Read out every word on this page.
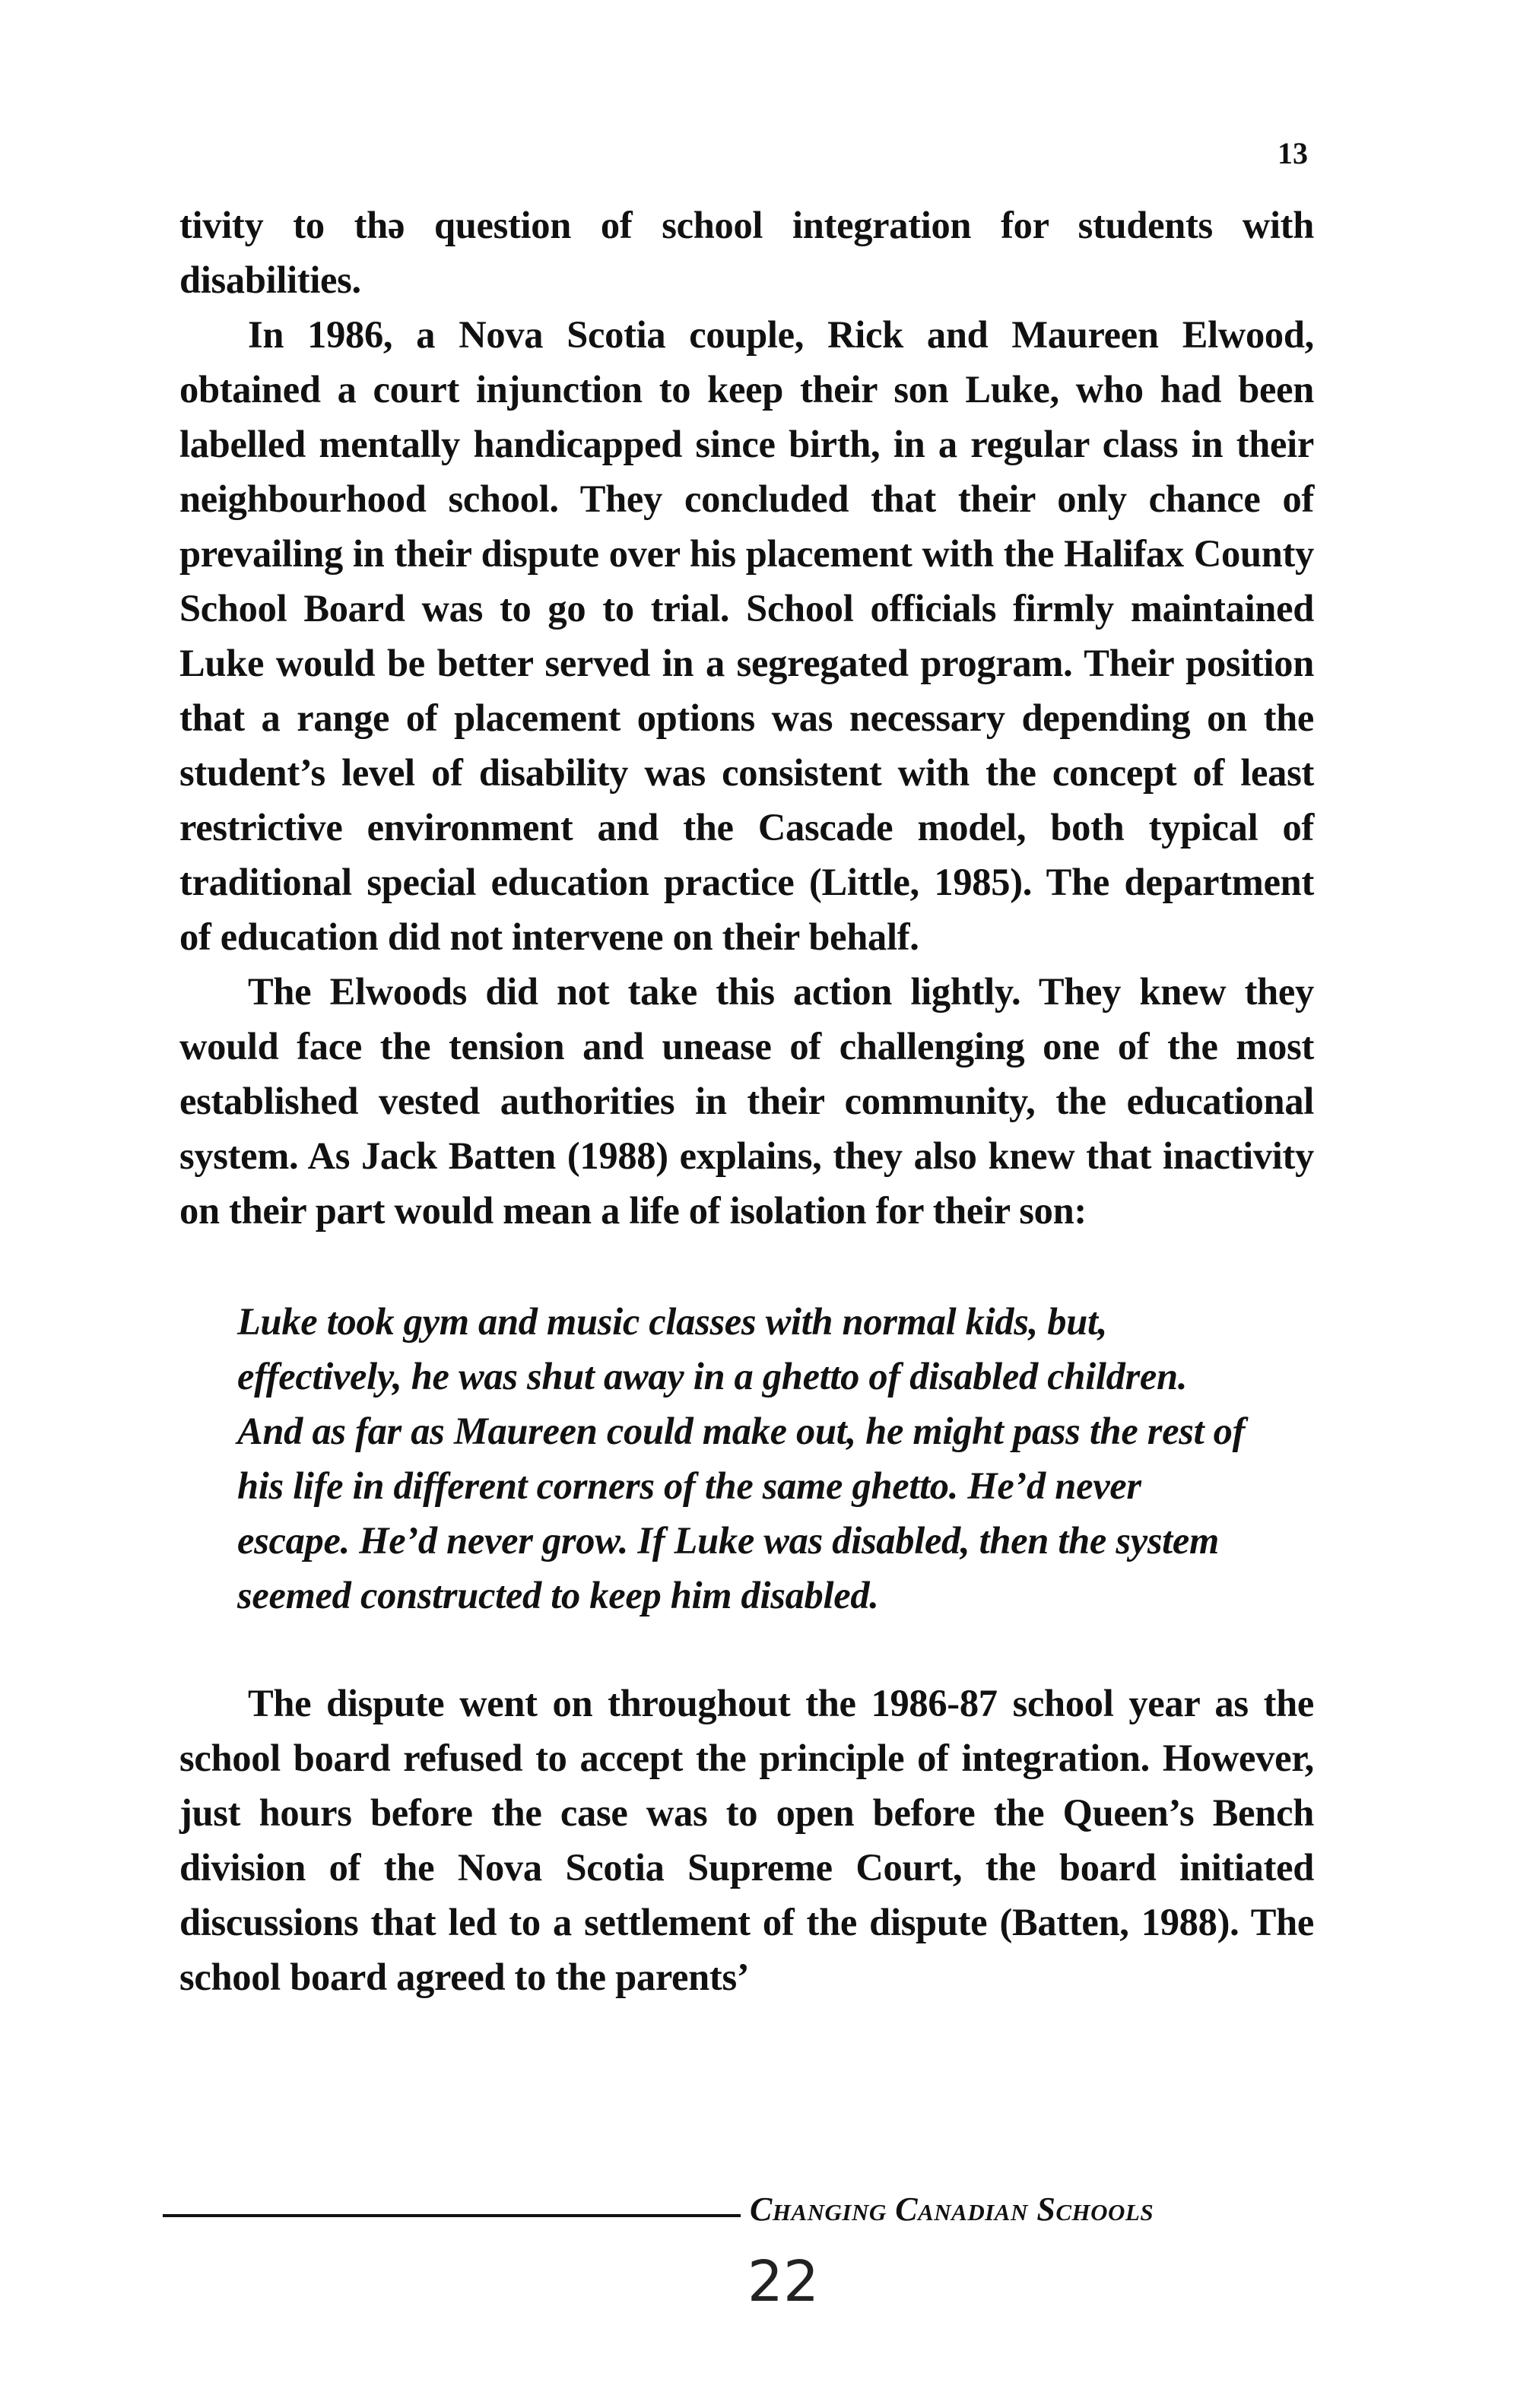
13

tivity to thə question of school integration for students with disabilities.

In 1986, a Nova Scotia couple, Rick and Maureen Elwood, obtained a court injunction to keep their son Luke, who had been labelled mentally handicapped since birth, in a regular class in their neighbourhood school. They concluded that their only chance of prevailing in their dispute over his placement with the Halifax County School Board was to go to trial. School officials firmly maintained Luke would be better served in a segregated program. Their position that a range of placement options was necessary depending on the student’s level of disability was consistent with the concept of least restrictive environment and the Cascade model, both typical of traditional special education practice (Little, 1985). The department of education did not intervene on their behalf.

The Elwoods did not take this action lightly. They knew they would face the tension and unease of challenging one of the most established vested authorities in their community, the educational system. As Jack Batten (1988) explains, they also knew that inactivity on their part would mean a life of isolation for their son:

Luke took gym and music classes with normal kids, but, effectively, he was shut away in a ghetto of disabled children. And as far as Maureen could make out, he might pass the rest of his life in different corners of the same ghetto. He’d never escape. He’d never grow. If Luke was disabled, then the system seemed constructed to keep him disabled.

The dispute went on throughout the 1986-87 school year as the school board refused to accept the principle of integration. However, just hours before the case was to open before the Queen’s Bench division of the Nova Scotia Supreme Court, the board initiated discussions that led to a settlement of the dispute (Batten, 1988). The school board agreed to the parents’

Changing Canadian Schools
22
